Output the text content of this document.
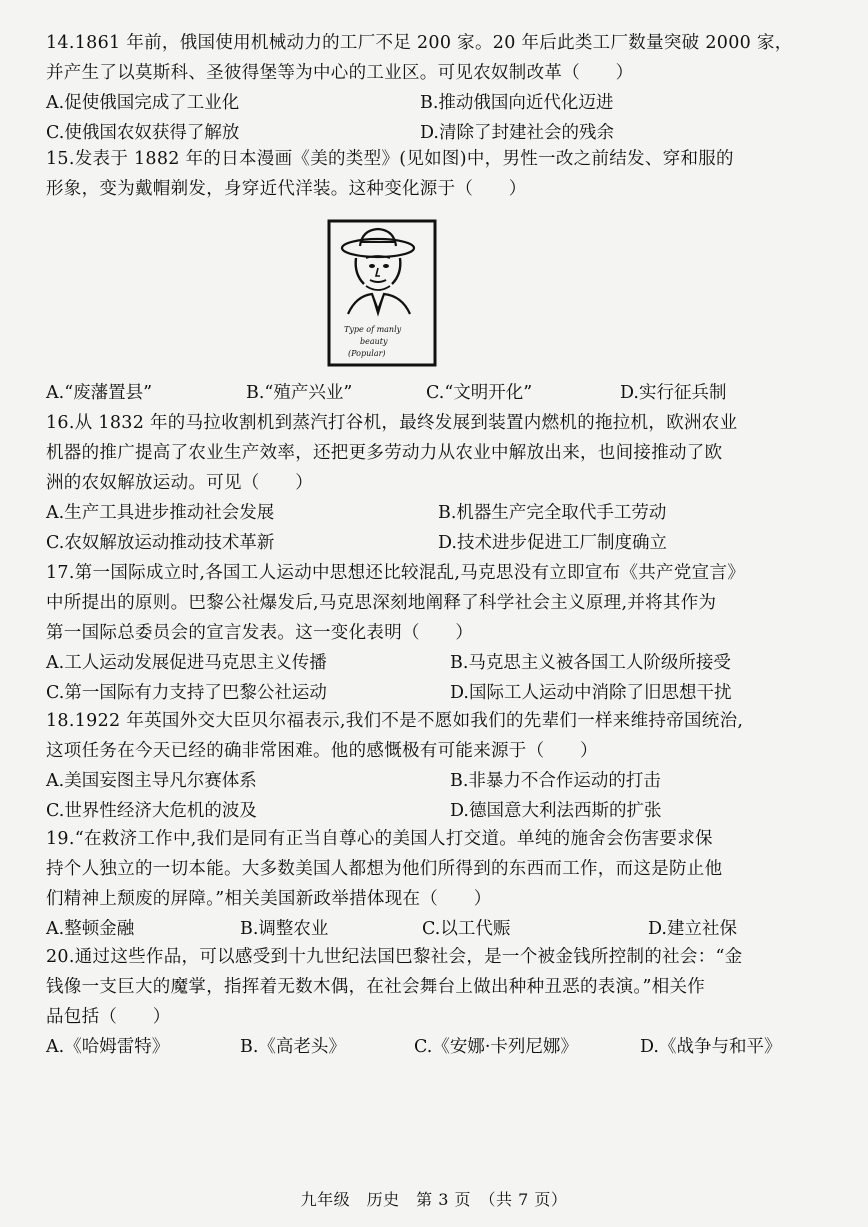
14.1861 年前，俄国使用机械动力的工厂不足 200 家。20 年后此类工厂数量突破 2000 家，
并产生了以莫斯科、圣彼得堡等为中心的工业区。可见农奴制改革（　　）
A.促使俄国完成了工业化	B.推动俄国向近代化迈进
C.使俄国农奴获得了解放	D.清除了封建社会的残余
15.发表于 1882 年的日本漫画《美的类型》(见如图)中，男性一改之前结发、穿和服的
形象，变为戴帽剃发，身穿近代洋装。这种变化源于（　　）
Type of manly
beauty
(Popular)
A.“废藩置县”	B.“殖产兴业”	C.“文明开化”	D.实行征兵制
16.从 1832 年的马拉收割机到蒸汽打谷机，最终发展到装置内燃机的拖拉机，欧洲农业
机器的推广提高了农业生产效率，还把更多劳动力从农业中解放出来，也间接推动了欧
洲的农奴解放运动。可见（　　）
A.生产工具进步推动社会发展	B.机器生产完全取代手工劳动
C.农奴解放运动推动技术革新	D.技术进步促进工厂制度确立
17.第一国际成立时,各国工人运动中思想还比较混乱,马克思没有立即宣布《共产党宣言》
中所提出的原则。巴黎公社爆发后,马克思深刻地阐释了科学社会主义原理,并将其作为
第一国际总委员会的宣言发表。这一变化表明（　　）
A.工人运动发展促进马克思主义传播	B.马克思主义被各国工人阶级所接受
C.第一国际有力支持了巴黎公社运动	D.国际工人运动中消除了旧思想干扰
18.1922 年英国外交大臣贝尔福表示,我们不是不愿如我们的先辈们一样来维持帝国统治,
这项任务在今天已经的确非常困难。他的感慨极有可能来源于（　　）
A.美国妄图主导凡尔赛体系	B.非暴力不合作运动的打击
C.世界性经济大危机的波及	D.德国意大利法西斯的扩张
19.“在救济工作中,我们是同有正当自尊心的美国人打交道。单纯的施舍会伤害要求保
持个人独立的一切本能。大多数美国人都想为他们所得到的东西而工作，而这是防止他
们精神上颓废的屏障。”相关美国新政举措体现在（　　）
A.整顿金融	B.调整农业	C.以工代赈	D.建立社保
20.通过这些作品，可以感受到十九世纪法国巴黎社会，是一个被金钱所控制的社会：“金
钱像一支巨大的魔掌，指挥着无数木偶，在社会舞台上做出种种丑恶的表演。”相关作
品包括（　　）
A.《哈姆雷特》	B.《高老头》	C.《安娜·卡列尼娜》	D.《战争与和平》
九年级　历史　第 3 页　（共 7 页）
